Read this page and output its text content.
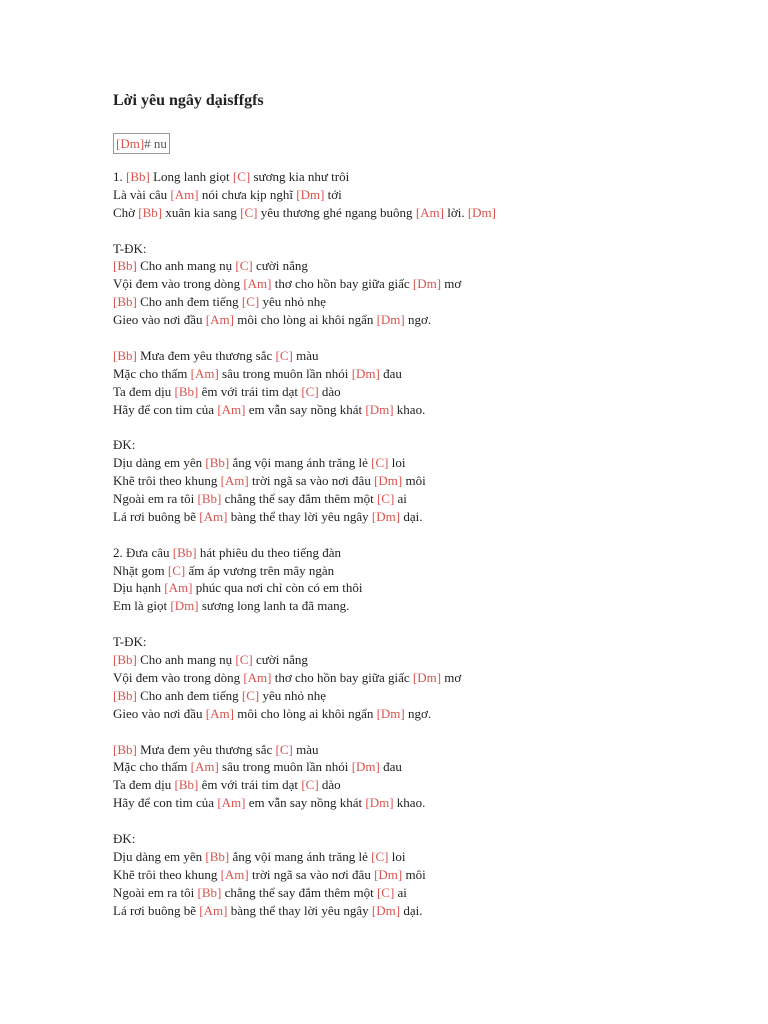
Lời yêu ngây dạisffgfs
[Dm]# nu
1. [Bb] Long lanh giọt [C] sương kia như trôi
Là vài câu [Am] nói chưa kịp nghĩ [Dm] tới
Chờ [Bb] xuân kia sang [C] yêu thương ghé ngang buông [Am] lời. [Dm]
T-ĐK:
[Bb] Cho anh mang nụ [C] cười nắng
Vội đem vào trong dòng [Am] thơ cho hồn bay giữa giấc [Dm] mơ
[Bb] Cho anh đem tiếng [C] yêu nhỏ nhẹ
Gieo vào nơi đầu [Am] môi cho lòng ai khôi ngẩn [Dm] ngơ.
[Bb] Mưa đem yêu thương sắc [C] màu
Mặc cho thấm [Am] sâu trong muôn lần nhói [Dm] đau
Ta đem dịu [Bb] êm với trái tim dạt [C] dào
Hãy để con tim của [Am] em vẫn say nồng khát [Dm] khao.
ĐK:
Dịu dàng em yên [Bb] ắng vội mang ánh trăng lẻ [C] loi
Khẽ trôi theo khung [Am] trời ngã sa vào nơi đâu [Dm] môi
Ngoài em ra tôi [Bb] chẳng thể say đắm thêm một [C] ai
Lá rơi buông bẽ [Am] bàng thể thay lời yêu ngây [Dm] dại.
2. Đưa câu [Bb] hát phiêu du theo tiếng đàn
Nhặt gom [C] ấm áp vương trên mây ngàn
Dịu hạnh [Am] phúc qua nơi chỉ còn có em thôi
Em là giọt [Dm] sương long lanh ta đã mang.
T-ĐK:
[Bb] Cho anh mang nụ [C] cười nắng
Vội đem vào trong dòng [Am] thơ cho hồn bay giữa giấc [Dm] mơ
[Bb] Cho anh đem tiếng [C] yêu nhỏ nhẹ
Gieo vào nơi đầu [Am] môi cho lòng ai khôi ngẩn [Dm] ngơ.
[Bb] Mưa đem yêu thương sắc [C] màu
Mặc cho thấm [Am] sâu trong muôn lần nhói [Dm] đau
Ta đem dịu [Bb] êm với trái tim dạt [C] dào
Hãy để con tim của [Am] em vẫn say nồng khát [Dm] khao.
ĐK:
Dịu dàng em yên [Bb] ắng vội mang ánh trăng lẻ [C] loi
Khẽ trôi theo khung [Am] trời ngã sa vào nơi đâu [Dm] môi
Ngoài em ra tôi [Bb] chẳng thể say đắm thêm một [C] ai
Lá rơi buông bẽ [Am] bàng thể thay lời yêu ngây [Dm] dại.
